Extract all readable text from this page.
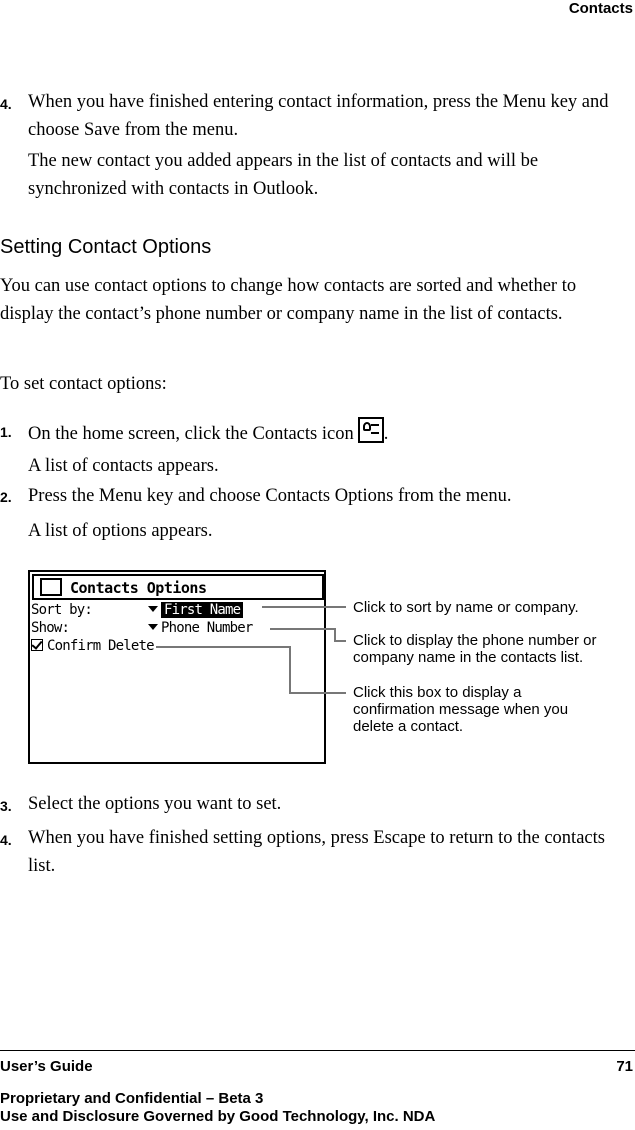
Contacts
4. When you have finished entering contact information, press the Menu key and choose Save from the menu.
The new contact you added appears in the list of contacts and will be synchronized with contacts in Outlook.
Setting Contact Options
You can use contact options to change how contacts are sorted and whether to display the contact’s phone number or company name in the list of contacts.
To set contact options:
1. On the home screen, click the Contacts icon .
A list of contacts appears.
2. Press the Menu key and choose Contacts Options from the menu.
A list of options appears.
Contacts Options
Sort by:	First Name
Show:	Phone Number
Confirm Delete
Click to sort by name or company.
Click to display the phone number or company name in the contacts list.
Click this box to display a confirmation message when you delete a contact.
3. Select the options you want to set.
4. When you have finished setting options, press Escape to return to the contacts list.
User’s Guide	71
Proprietary and Confidential – Beta 3
Use and Disclosure Governed by Good Technology, Inc. NDA
